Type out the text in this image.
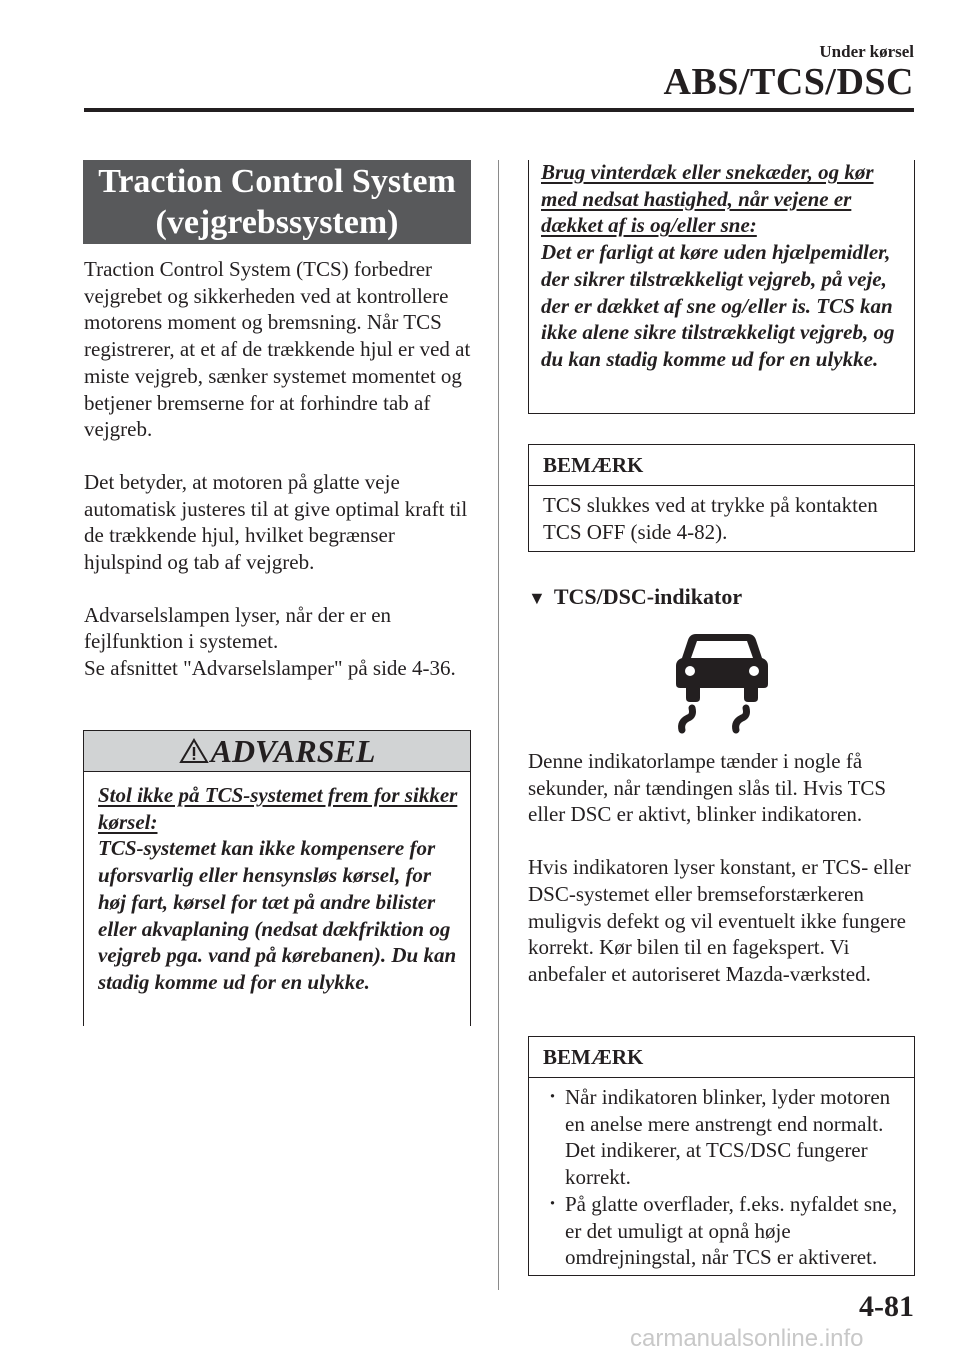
Under kørsel
ABS/TCS/DSC
Traction Control System
(vejgrebssystem)

Traction Control System (TCS) forbedrer vejgrebet og sikkerheden ved at kontrollere motorens moment og bremsning. Når TCS registrerer, at et af de trækkende hjul er ved at miste vejgreb, sænker systemet momentet og betjener bremserne for at forhindre tab af vejgreb.

Det betyder, at motoren på glatte veje automatisk justeres til at give optimal kraft til de trækkende hjul, hvilket begrænser hjulspind og tab af vejgreb.

Advarselslampen lyser, når der er en fejlfunktion i systemet.

Se afsnittet "Advarselslamper" på side 4-36.

ADVARSEL
Stol ikke på TCS-systemet frem for sikker kørsel:
TCS-systemet kan ikke kompensere for uforsvarlig eller hensynsløs kørsel, for høj fart, kørsel for tæt på andre bilister eller akvaplaning (nedsat dækfriktion og vejgreb pga. vand på kørebanen). Du kan stadig komme ud for en ulykke.
Brug vinterdæk eller snekæder, og kør med nedsat hastighed, når vejene er dækket af is og/eller sne:
Det er farligt at køre uden hjælpemidler, der sikrer tilstrækkeligt vejgreb, på veje, der er dækket af sne og/eller is. TCS kan ikke alene sikre tilstrækkeligt vejgreb, og du kan stadig komme ud for en ulykke.
BEMÆRK
TCS slukkes ved at trykke på kontakten TCS OFF (side 4-82).
▼ TCS/DSC-indikator

Denne indikatorlampe tænder i nogle få sekunder, når tændingen slås til. Hvis TCS eller DSC er aktivt, blinker indikatoren.

Hvis indikatoren lyser konstant, er TCS- eller DSC-systemet eller bremseforstærkeren muligvis defekt og vil eventuelt ikke fungere korrekt. Kør bilen til en fagekspert. Vi anbefaler et autoriseret Mazda-værksted.

BEMÆRK
· Når indikatoren blinker, lyder motoren en anelse mere anstrengt end normalt. Det indikerer, at TCS/DSC fungerer korrekt.
· På glatte overflader, f.eks. nyfaldet sne, er det umuligt at opnå høje omdrejningstal, når TCS er aktiveret.
4-81
carmanualsonline.info
